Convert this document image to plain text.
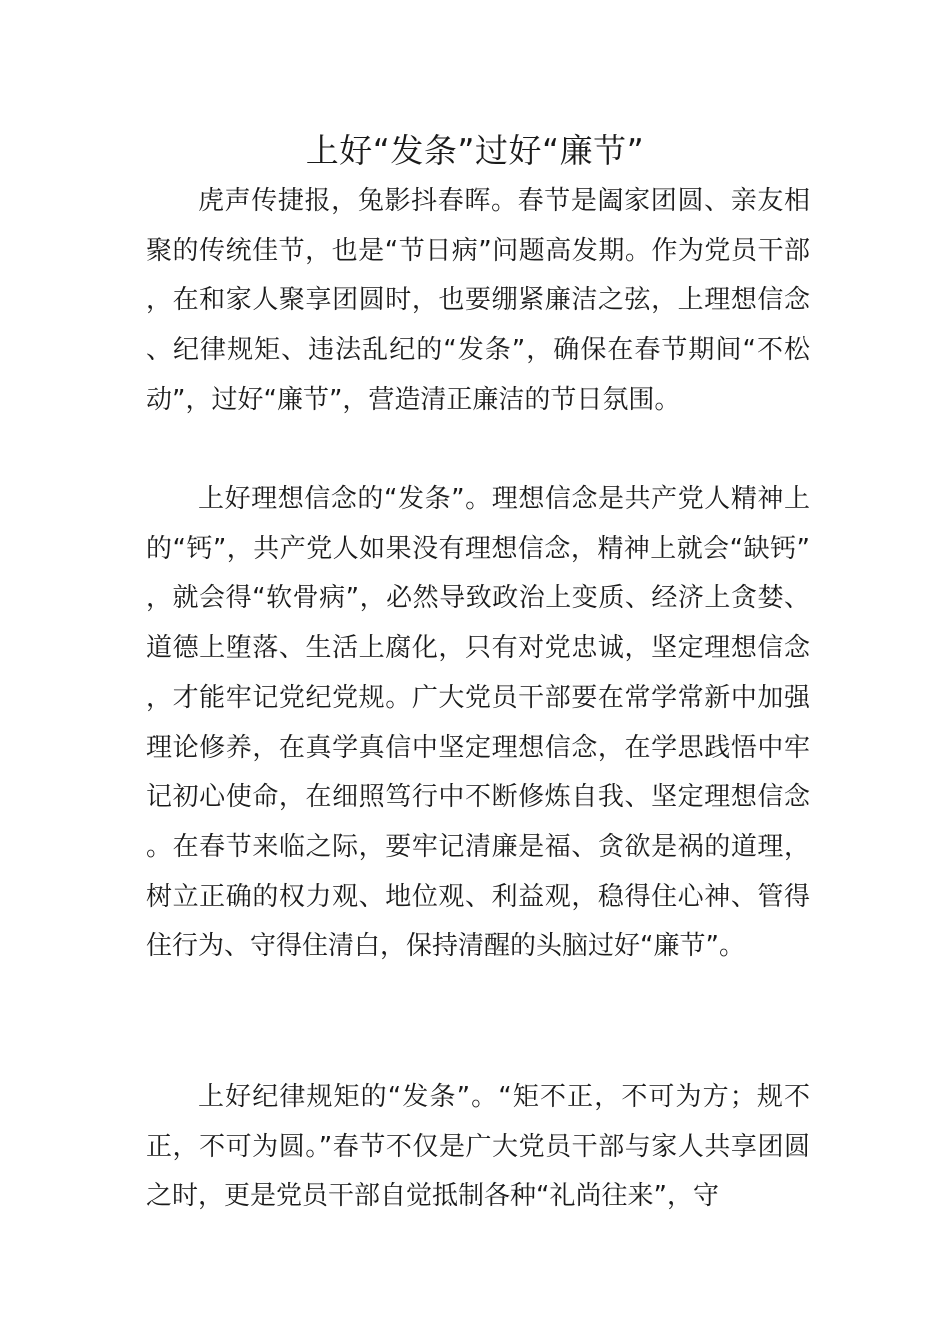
上好“发条”过好“廉节”

虎声传捷报，兔影抖春晖。春节是阖家团圆、亲友相聚的传统佳节，也是“节日病”问题高发期。作为党员干部，在和家人聚享团圆时，也要绷紧廉洁之弦，上理想信念、纪律规矩、违法乱纪的“发条”，确保在春节期间“不松动”，过好“廉节”，营造清正廉洁的节日氛围。

上好理想信念的“发条”。理想信念是共产党人精神上的“钙”，共产党人如果没有理想信念，精神上就会“缺钙”，就会得“软骨病”，必然导致政治上变质、经济上贪婪、道德上堕落、生活上腐化，只有对党忠诚，坚定理想信念，才能牢记党纪党规。广大党员干部要在常学常新中加强理论修养，在真学真信中坚定理想信念，在学思践悟中牢记初心使命，在细照笃行中不断修炼自我、坚定理想信念。在春节来临之际，要牢记清廉是福、贪欲是祸的道理，树立正确的权力观、地位观、利益观，稳得住心神、管得住行为、守得住清白，保持清醒的头脑过好“廉节”。

上好纪律规矩的“发条”。“矩不正，不可为方；规不正，不可为圆。”春节不仅是广大党员干部与家人共享团圆之时，更是党员干部自觉抵制各种“礼尚往来”，守
